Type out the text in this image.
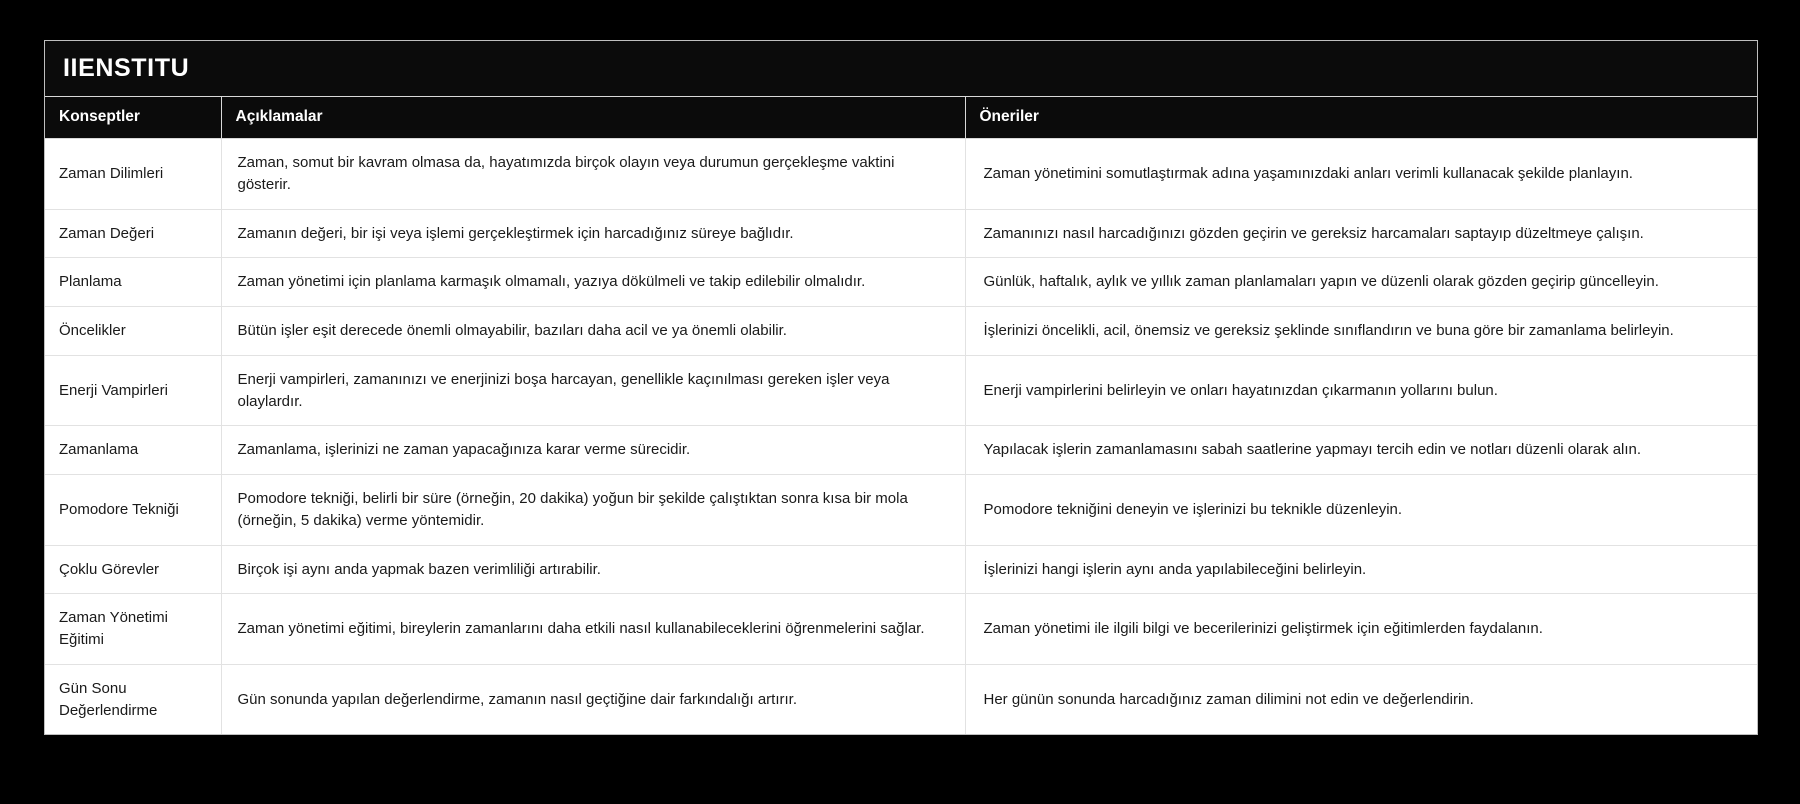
IIENSTITU
Konseptler	Açıklamalar	Öneriler
Zaman Dilimleri	Zaman, somut bir kavram olmasa da, hayatımızda birçok olayın veya durumun gerçekleşme vaktini gösterir.	Zaman yönetimini somutlaştırmak adına yaşamınızdaki anları verimli kullanacak şekilde planlayın.
Zaman Değeri	Zamanın değeri, bir işi veya işlemi gerçekleştirmek için harcadığınız süreye bağlıdır.	Zamanınızı nasıl harcadığınızı gözden geçirin ve gereksiz harcamaları saptayıp düzeltmeye çalışın.
Planlama	Zaman yönetimi için planlama karmaşık olmamalı, yazıya dökülmeli ve takip edilebilir olmalıdır.	Günlük, haftalık, aylık ve yıllık zaman planlamaları yapın ve düzenli olarak gözden geçirip güncelleyin.
Öncelikler	Bütün işler eşit derecede önemli olmayabilir, bazıları daha acil ve ya önemli olabilir.	İşlerinizi öncelikli, acil, önemsiz ve gereksiz şeklinde sınıflandırın ve buna göre bir zamanlama belirleyin.
Enerji Vampirleri	Enerji vampirleri, zamanınızı ve enerjinizi boşa harcayan, genellikle kaçınılması gereken işler veya olaylardır.	Enerji vampirlerini belirleyin ve onları hayatınızdan çıkarmanın yollarını bulun.
Zamanlama	Zamanlama, işlerinizi ne zaman yapacağınıza karar verme sürecidir.	Yapılacak işlerin zamanlamasını sabah saatlerine yapmayı tercih edin ve notları düzenli olarak alın.
Pomodore Tekniği	Pomodore tekniği, belirli bir süre (örneğin, 20 dakika) yoğun bir şekilde çalıştıktan sonra kısa bir mola (örneğin, 5 dakika) verme yöntemidir.	Pomodore tekniğini deneyin ve işlerinizi bu teknikle düzenleyin.
Çoklu Görevler	Birçok işi aynı anda yapmak bazen verimliliği artırabilir.	İşlerinizi hangi işlerin aynı anda yapılabileceğini belirleyin.
Zaman Yönetimi Eğitimi	Zaman yönetimi eğitimi, bireylerin zamanlarını daha etkili nasıl kullanabileceklerini öğrenmelerini sağlar.	Zaman yönetimi ile ilgili bilgi ve becerilerinizi geliştirmek için eğitimlerden faydalanın.
Gün Sonu Değerlendirme	Gün sonunda yapılan değerlendirme, zamanın nasıl geçtiğine dair farkındalığı artırır.	Her günün sonunda harcadığınız zaman dilimini not edin ve değerlendirin.
